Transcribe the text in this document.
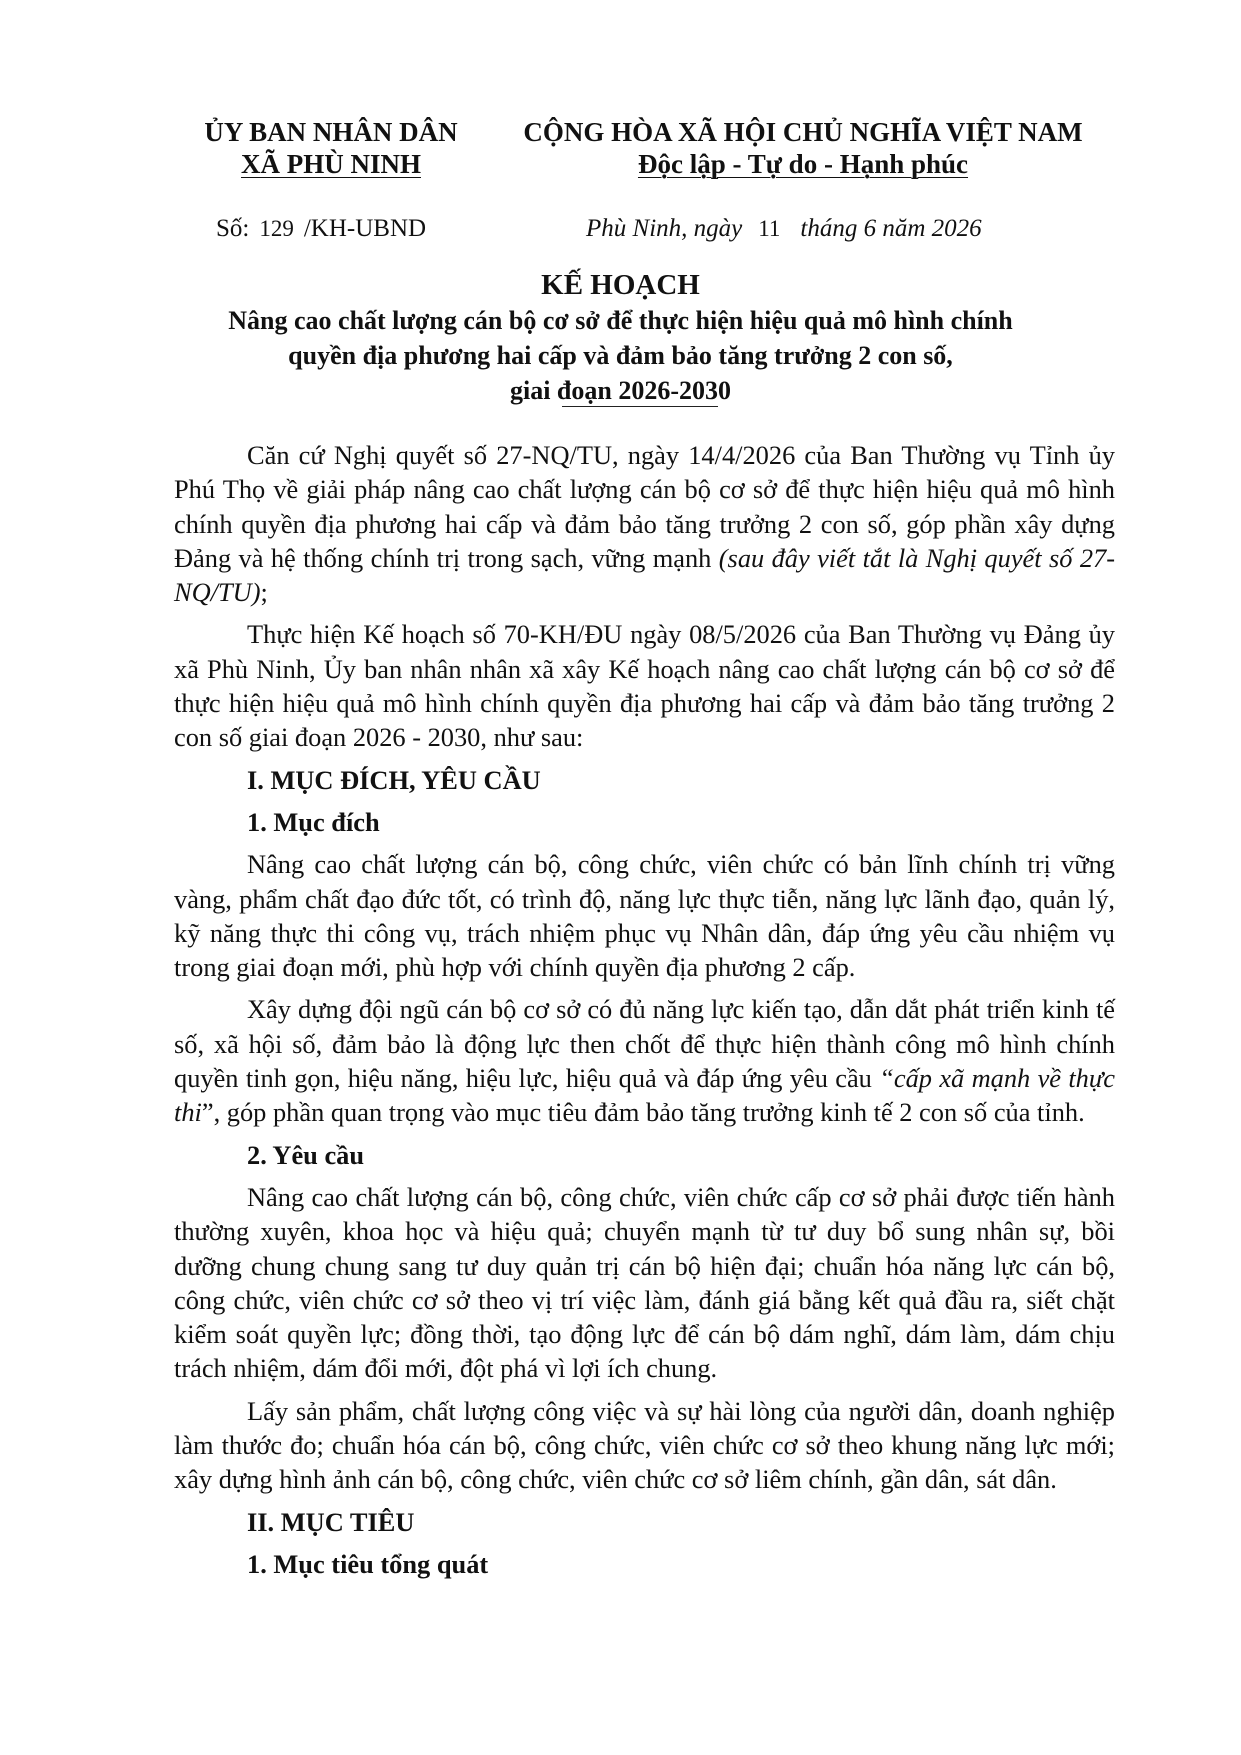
ỦY BAN NHÂN DÂN
XÃ PHÙ NINH
CỘNG HÒA XÃ HỘI CHỦ NGHĨA VIỆT NAM
Độc lập - Tự do - Hạnh phúc
Số: 129 /KH-UBND	Phù Ninh, ngày 11 tháng 6 năm 2026
KẾ HOẠCH
Nâng cao chất lượng cán bộ cơ sở để thực hiện hiệu quả mô hình chính
quyền địa phương hai cấp và đảm bảo tăng trưởng 2 con số,
giai đoạn 2026-2030

Căn cứ Nghị quyết số 27-NQ/TU, ngày 14/4/2026 của Ban Thường vụ Tỉnh ủy Phú Thọ về giải pháp nâng cao chất lượng cán bộ cơ sở để thực hiện hiệu quả mô hình chính quyền địa phương hai cấp và đảm bảo tăng trưởng 2 con số, góp phần xây dựng Đảng và hệ thống chính trị trong sạch, vững mạnh (sau đây viết tắt là Nghị quyết số 27-NQ/TU);

Thực hiện Kế hoạch số 70-KH/ĐU ngày 08/5/2026 của Ban Thường vụ Đảng ủy xã Phù Ninh, Ủy ban nhân nhân xã xây Kế hoạch nâng cao chất lượng cán bộ cơ sở để thực hiện hiệu quả mô hình chính quyền địa phương hai cấp và đảm bảo tăng trưởng 2 con số giai đoạn 2026 - 2030, như sau:

I. MỤC ĐÍCH, YÊU CẦU
1. Mục đích

Nâng cao chất lượng cán bộ, công chức, viên chức có bản lĩnh chính trị vững vàng, phẩm chất đạo đức tốt, có trình độ, năng lực thực tiễn, năng lực lãnh đạo, quản lý, kỹ năng thực thi công vụ, trách nhiệm phục vụ Nhân dân, đáp ứng yêu cầu nhiệm vụ trong giai đoạn mới, phù hợp với chính quyền địa phương 2 cấp.

Xây dựng đội ngũ cán bộ cơ sở có đủ năng lực kiến tạo, dẫn dắt phát triển kinh tế số, xã hội số, đảm bảo là động lực then chốt để thực hiện thành công mô hình chính quyền tinh gọn, hiệu năng, hiệu lực, hiệu quả và đáp ứng yêu cầu “cấp xã mạnh về thực thi”, góp phần quan trọng vào mục tiêu đảm bảo tăng trưởng kinh tế 2 con số của tỉnh.

2. Yêu cầu

Nâng cao chất lượng cán bộ, công chức, viên chức cấp cơ sở phải được tiến hành thường xuyên, khoa học và hiệu quả; chuyển mạnh từ tư duy bổ sung nhân sự, bồi dưỡng chung chung sang tư duy quản trị cán bộ hiện đại; chuẩn hóa năng lực cán bộ, công chức, viên chức cơ sở theo vị trí việc làm, đánh giá bằng kết quả đầu ra, siết chặt kiểm soát quyền lực; đồng thời, tạo động lực để cán bộ dám nghĩ, dám làm, dám chịu trách nhiệm, dám đổi mới, đột phá vì lợi ích chung.

Lấy sản phẩm, chất lượng công việc và sự hài lòng của người dân, doanh nghiệp làm thước đo; chuẩn hóa cán bộ, công chức, viên chức cơ sở theo khung năng lực mới; xây dựng hình ảnh cán bộ, công chức, viên chức cơ sở liêm chính, gần dân, sát dân.

II. MỤC TIÊU
1. Mục tiêu tổng quát
